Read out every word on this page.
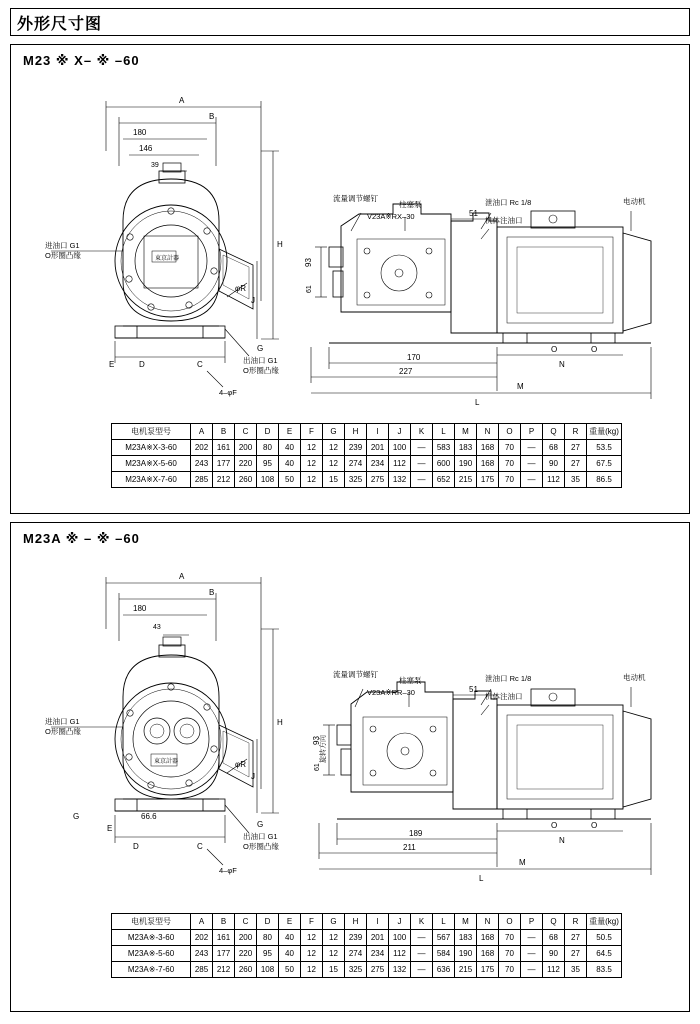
外形尺寸图
M23 ※ X– ※ –60
A
B
180
146
39
東京計器
进油口 G1
O形圈凸缘
出油口 G1
O形圈凸缘
4–φF
E	D	C
H
J
φR
G
流量调节螺钉
柱塞泵
V23A※RX–30
泄油口 Rc 1/8
机体注油口
电动机
51
170
227
L
M
N
O	O
93
61
电机泵型号	A	B	C	D	E	F	G	H	I	J	K	L	M	N	O	P	Q	R	重量(kg)
M23A※X-3-60	202	161	200	80	40	12	12	239	201	100	—	583	183	168	70	—	68	27	53.5
M23A※X-5-60	243	177	220	95	40	12	12	274	234	112	—	600	190	168	70	—	90	27	67.5
M23A※X-7-60	285	212	260	108	50	12	15	325	275	132	—	652	215	175	70	—	112	35	86.5
M23A ※ – ※ –60
A
B
180
43
東京計器
进油口 G1
O形圈凸缘
出油口 G1
O形圈凸缘
4–φF
E
D	C
66.6
H
J
φR
G
G
流量调节螺钉
柱塞泵
V23A※RR–30
泄油口 Rc 1/8
机体注油口
电动机
旋转方向
51
189
211
L
M
N
O	O
93
61
电机泵型号	A	B	C	D	E	F	G	H	I	J	K	L	M	N	O	P	Q	R	重量(kg)
M23A※-3-60	202	161	200	80	40	12	12	239	201	100	—	567	183	168	70	—	68	27	50.5
M23A※-5-60	243	177	220	95	40	12	12	274	234	112	—	584	190	168	70	—	90	27	64.5
M23A※-7-60	285	212	260	108	50	12	15	325	275	132	—	636	215	175	70	—	112	35	83.5
